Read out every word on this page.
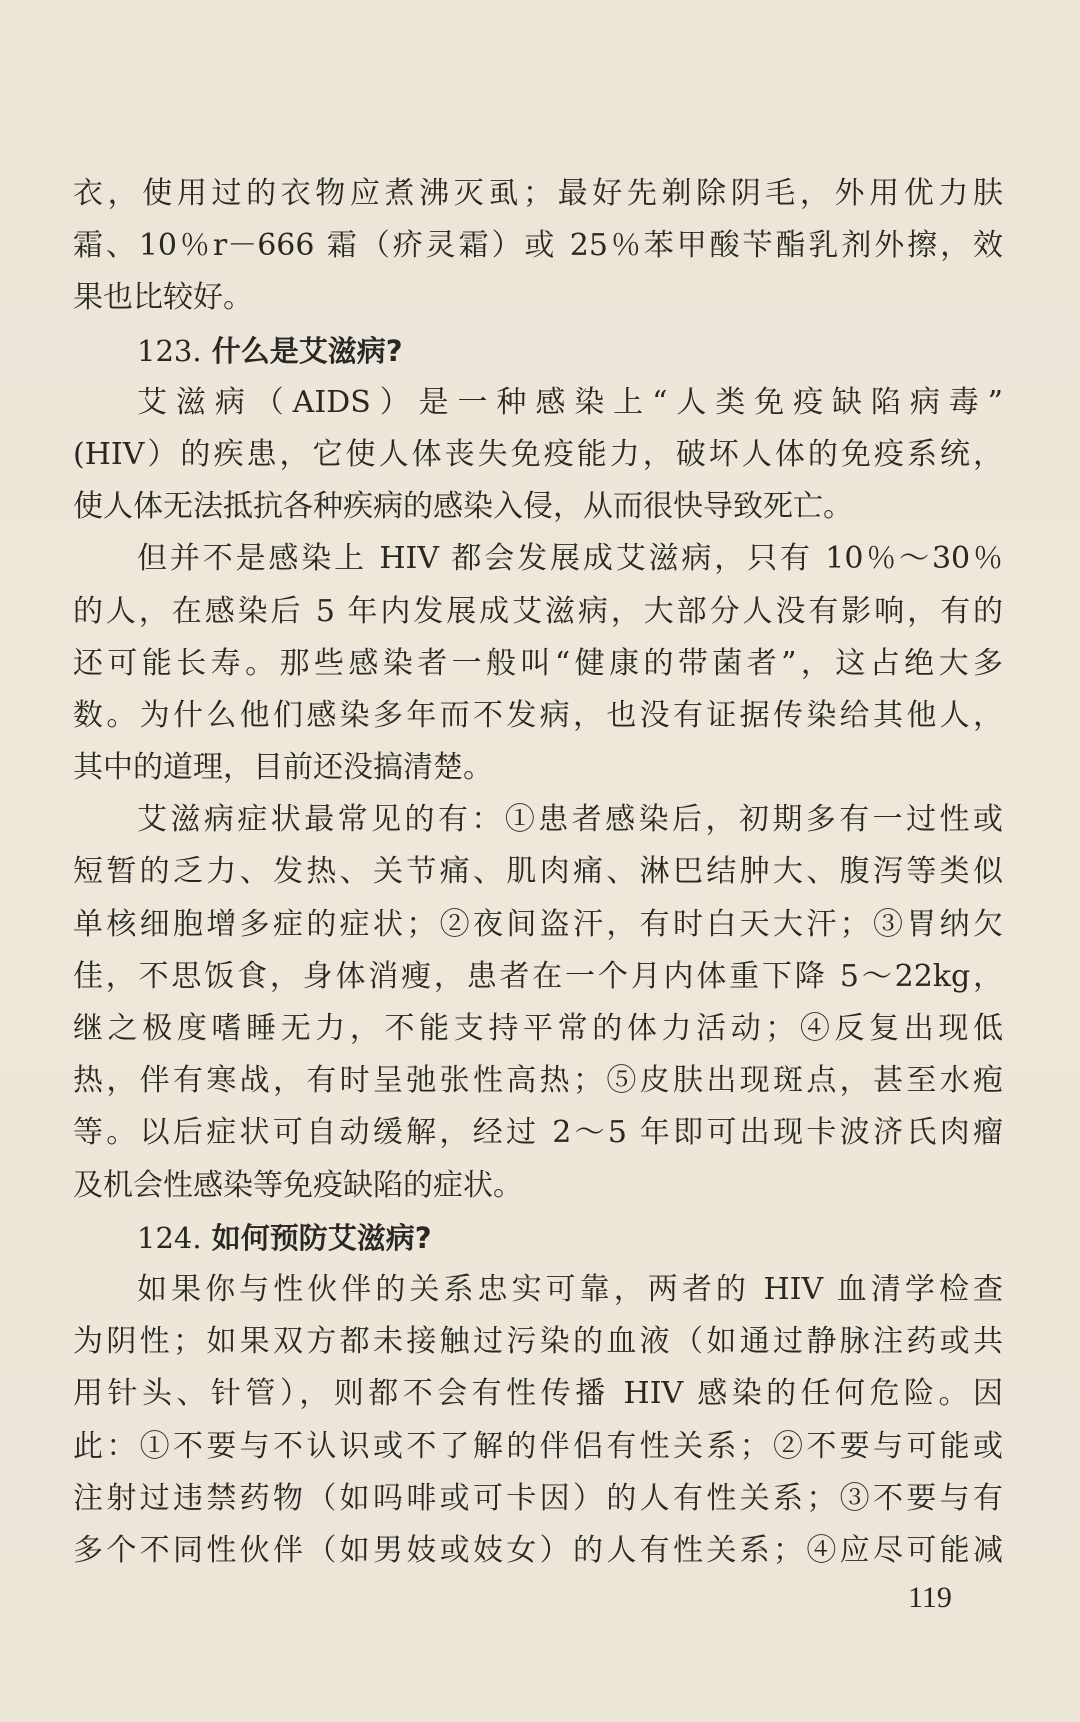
衣，使用过的衣物应煮沸灭虱；最好先剃除阴毛，外用优力肤
霜、10％r－666 霜（疥灵霜）或 25％苯甲酸苄酯乳剂外擦，效
果也比较好。
123. 什么是艾滋病?
艾滋病（AIDS）是一种感染上“人类免疫缺陷病毒”
(HIV）的疾患，它使人体丧失免疫能力，破坏人体的免疫系统，
使人体无法抵抗各种疾病的感染入侵，从而很快导致死亡。
但并不是感染上 HIV 都会发展成艾滋病，只有 10％～30％
的人，在感染后 5 年内发展成艾滋病，大部分人没有影响，有的
还可能长寿。那些感染者一般叫“健康的带菌者”，这占绝大多
数。为什么他们感染多年而不发病，也没有证据传染给其他人，
其中的道理，目前还没搞清楚。
艾滋病症状最常见的有：①患者感染后，初期多有一过性或
短暂的乏力、发热、关节痛、肌肉痛、淋巴结肿大、腹泻等类似
单核细胞增多症的症状；②夜间盗汗，有时白天大汗；③胃纳欠
佳，不思饭食，身体消瘦，患者在一个月内体重下降 5～22kg，
继之极度嗜睡无力，不能支持平常的体力活动；④反复出现低
热，伴有寒战，有时呈弛张性高热；⑤皮肤出现斑点，甚至水疱
等。以后症状可自动缓解，经过 2～5 年即可出现卡波济氏肉瘤
及机会性感染等免疫缺陷的症状。
124. 如何预防艾滋病?
如果你与性伙伴的关系忠实可靠，两者的 HIV 血清学检查
为阴性；如果双方都未接触过污染的血液（如通过静脉注药或共
用针头、针管），则都不会有性传播 HIV 感染的任何危险。因
此：①不要与不认识或不了解的伴侣有性关系；②不要与可能或
注射过违禁药物（如吗啡或可卡因）的人有性关系；③不要与有
多个不同性伙伴（如男妓或妓女）的人有性关系；④应尽可能减
119
